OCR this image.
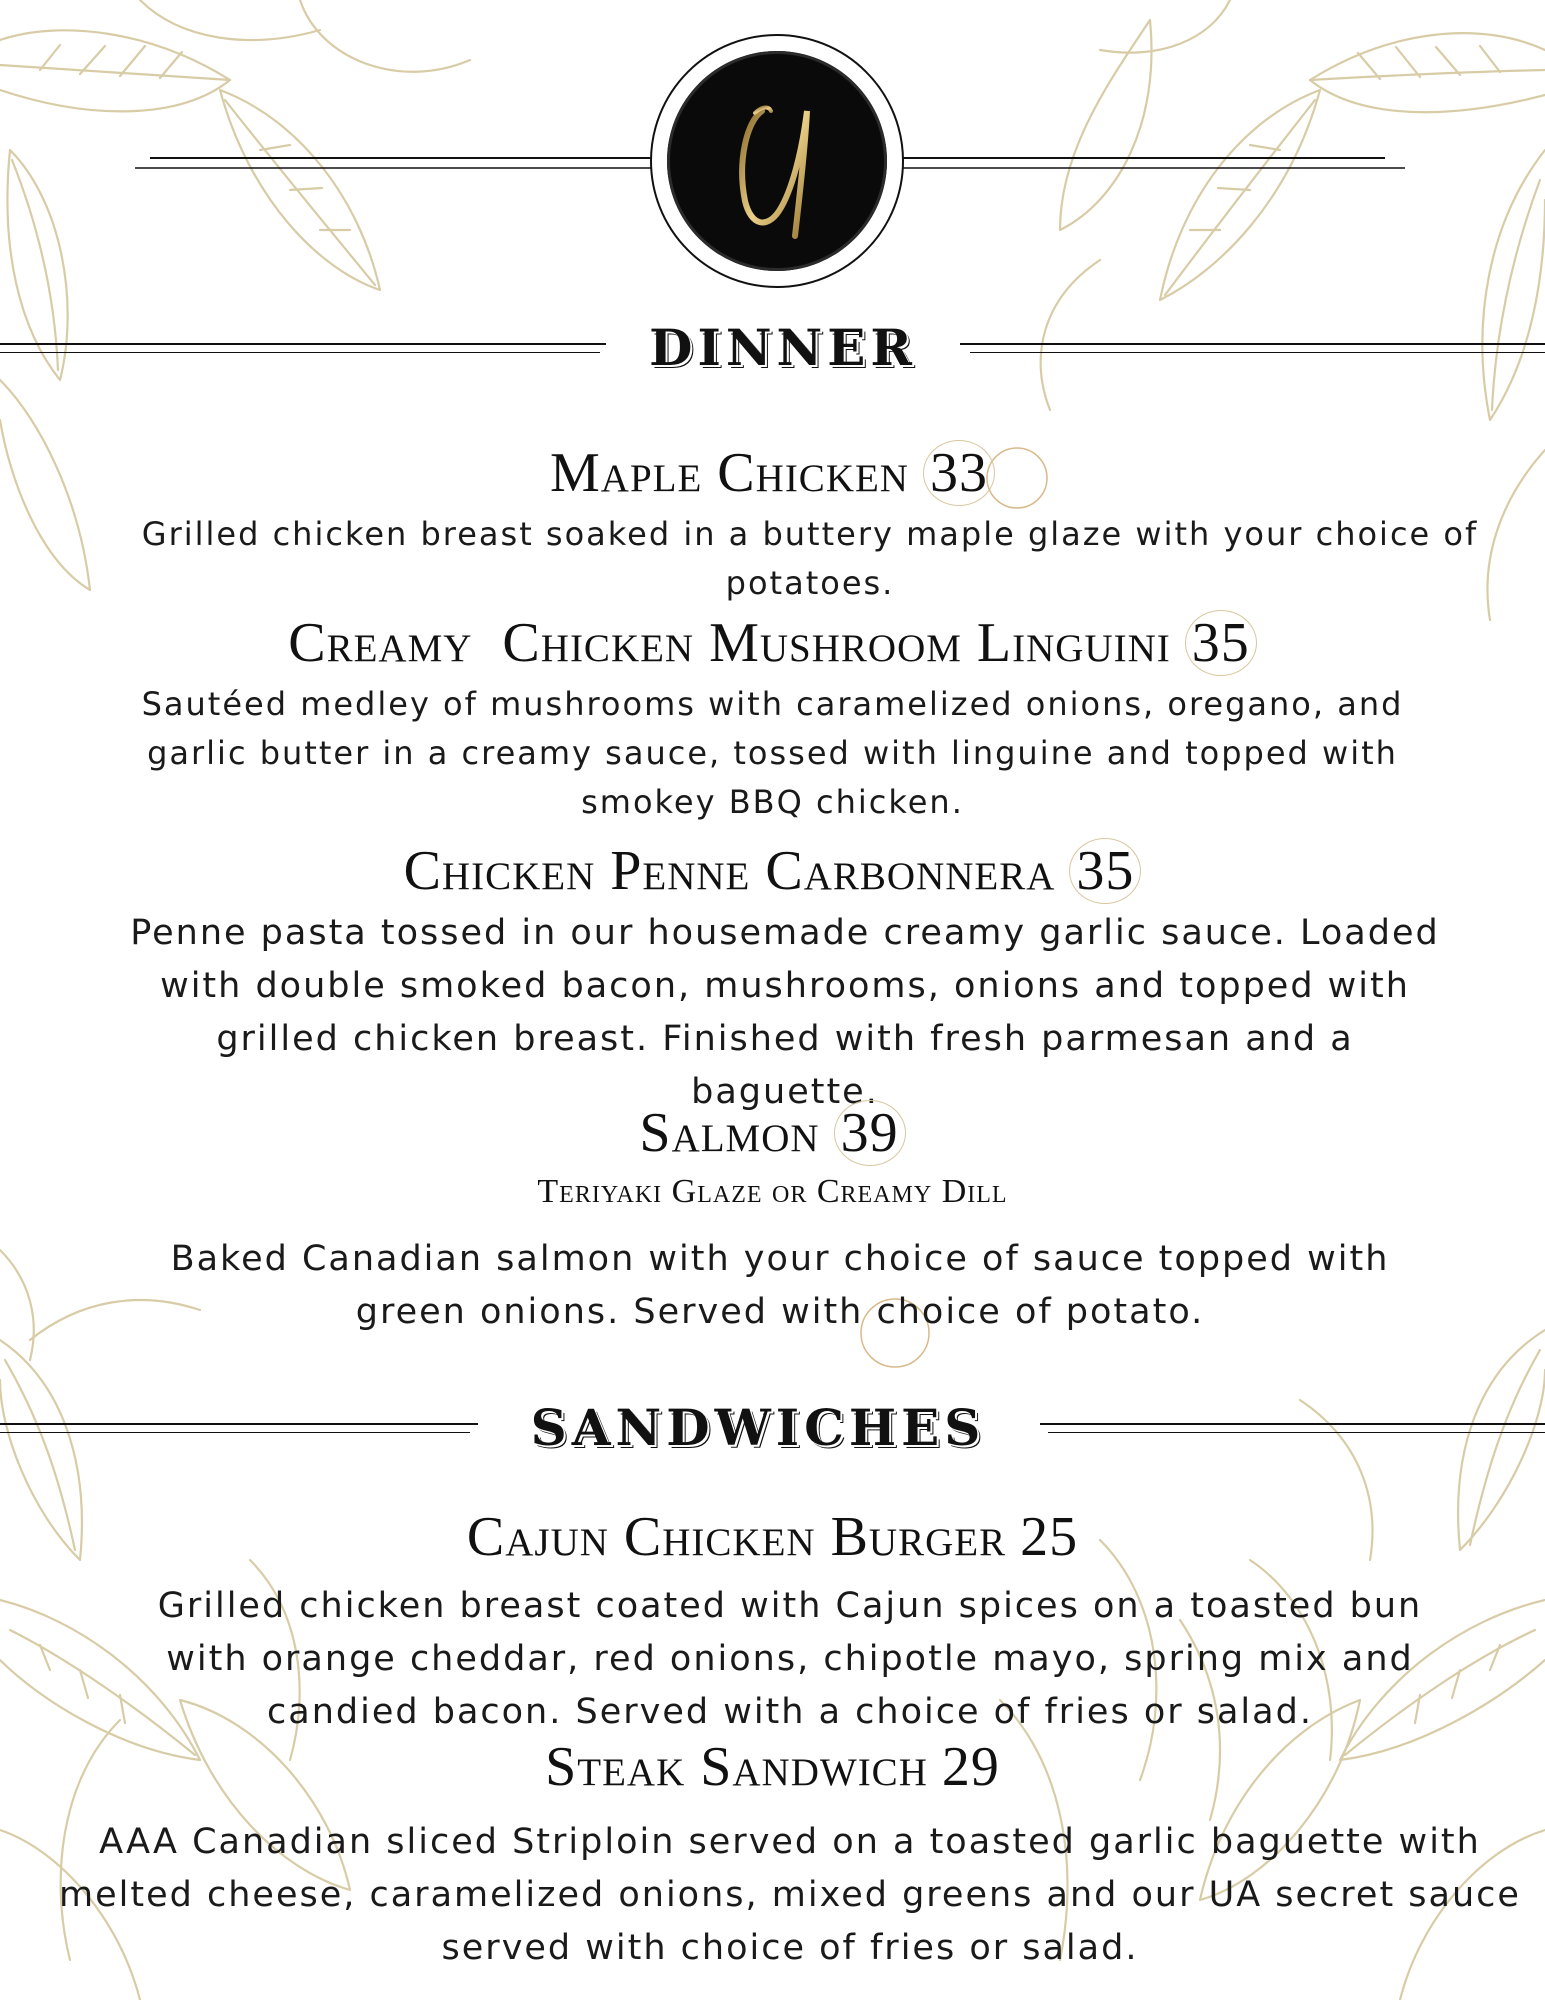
DINNER
Maple Chicken 33
Grilled chicken breast soaked in a buttery maple glaze with your choice of potatoes.
Creamy  Chicken Mushroom Linguini 35
Sautéed medley of mushrooms with caramelized onions, oregano, and garlic butter in a creamy sauce, tossed with linguine and topped with smokey BBQ chicken.
Chicken Penne Carbonnera 35
Penne pasta tossed in our housemade creamy garlic sauce. Loaded with double smoked bacon, mushrooms, onions and topped with grilled chicken breast. Finished with fresh parmesan and a baguette.
Salmon 39
Teriyaki Glaze or Creamy Dill
Baked Canadian salmon with your choice of sauce topped with green onions. Served with choice of potato.
SANDWICHES
Cajun Chicken Burger 25
Grilled chicken breast coated with Cajun spices on a toasted bun with orange cheddar, red onions, chipotle mayo, spring mix and candied bacon. Served with a choice of fries or salad.
Steak Sandwich 29
AAA Canadian sliced Striploin served on a toasted garlic baguette with melted cheese, caramelized onions, mixed greens and our UA secret sauce served with choice of fries or salad.
